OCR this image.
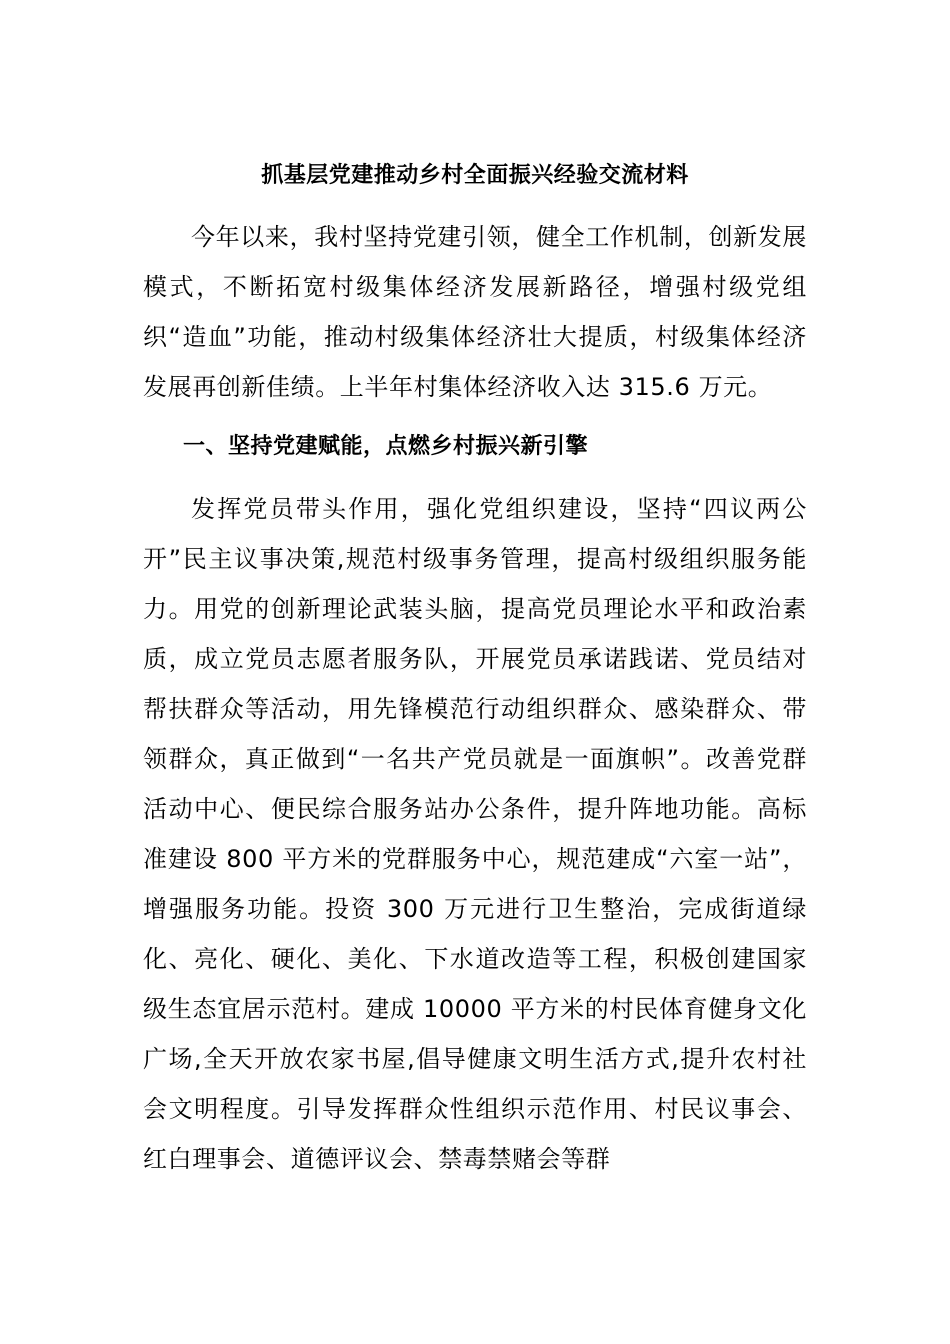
抓基层党建推动乡村全面振兴经验交流材料

今年以来，我村坚持党建引领，健全工作机制，创新发展模式，不断拓宽村级集体经济发展新路径，增强村级党组织“造血”功能，推动村级集体经济壮大提质，村级集体经济发展再创新佳绩。上半年村集体经济收入达 315.6 万元。

一、坚持党建赋能，点燃乡村振兴新引擎

发挥党员带头作用，强化党组织建设，坚持“四议两公开”民主议事决策,规范村级事务管理，提高村级组织服务能力。用党的创新理论武装头脑，提高党员理论水平和政治素质，成立党员志愿者服务队，开展党员承诺践诺、党员结对帮扶群众等活动，用先锋模范行动组织群众、感染群众、带领群众，真正做到“一名共产党员就是一面旗帜”。改善党群活动中心、便民综合服务站办公条件，提升阵地功能。高标准建设 800 平方米的党群服务中心，规范建成“六室一站”，增强服务功能。投资 300 万元进行卫生整治，完成街道绿化、亮化、硬化、美化、下水道改造等工程，积极创建国家级生态宜居示范村。建成 10000 平方米的村民体育健身文化广场,全天开放农家书屋,倡导健康文明生活方式,提升农村社会文明程度。引导发挥群众性组织示范作用、村民议事会、红白理事会、道德评议会、禁毒禁赌会等群
